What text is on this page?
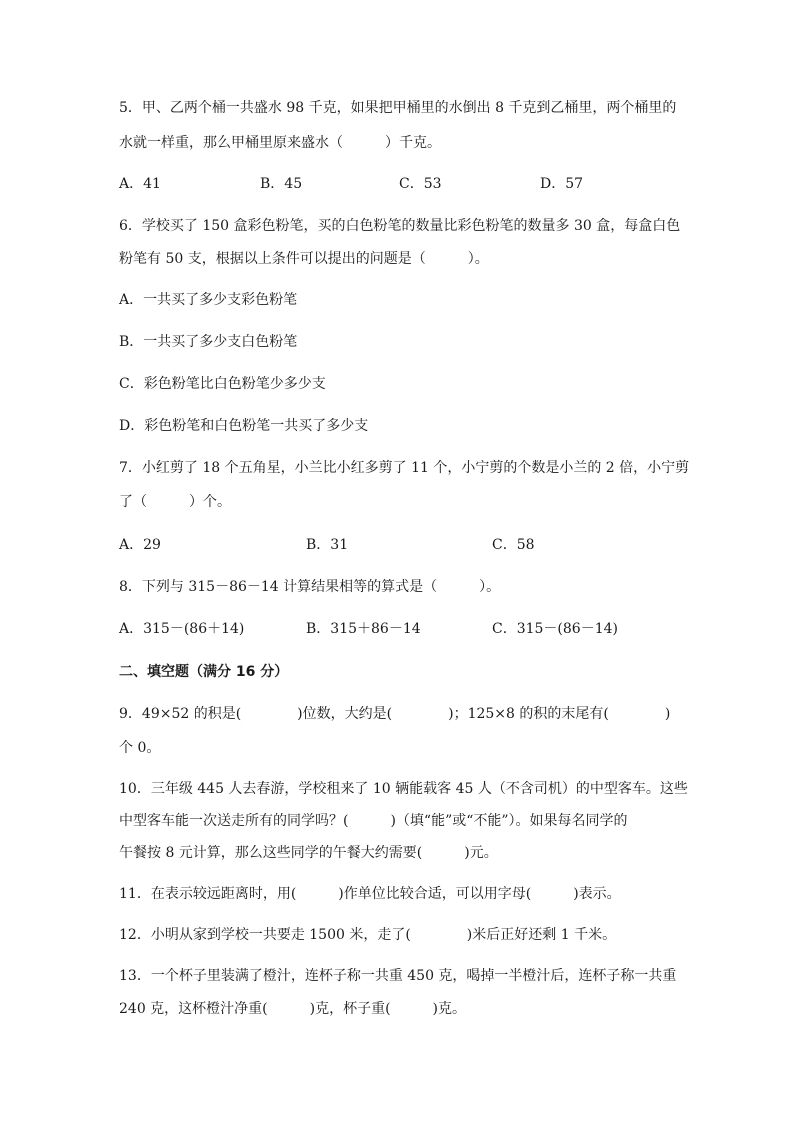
5．甲、乙两个桶一共盛水 98 千克，如果把甲桶里的水倒出 8 千克到乙桶里，两个桶里的
水就一样重，那么甲桶里原来盛水（　　　）千克。
A．41	B．45	C．53	D．57
6．学校买了 150 盒彩色粉笔，买的白色粉笔的数量比彩色粉笔的数量多 30 盒，每盒白色
粉笔有 50 支，根据以上条件可以提出的问题是（　　　）。
A．一共买了多少支彩色粉笔
B．一共买了多少支白色粉笔
C．彩色粉笔比白色粉笔少多少支
D．彩色粉笔和白色粉笔一共买了多少支
7．小红剪了 18 个五角星，小兰比小红多剪了 11 个，小宁剪的个数是小兰的 2 倍，小宁剪
了（　　　）个。
A．29	B．31	C．58
8．下列与 315－86－14 计算结果相等的算式是（　　　）。
A．315－(86＋14)	B．315＋86－14	C．315－(86－14)
二、填空题（满分 16 分）
9．49×52 的积是(　　　　)位数，大约是(　　　　)；125×8 的积的末尾有(　　　　)
个 0。
10．三年级 445 人去春游，学校租来了 10 辆能载客 45 人（不含司机）的中型客车。这些
中型客车能一次送走所有的同学吗？(　　　)（填“能”或“不能”）。如果每名同学的
午餐按 8 元计算，那么这些同学的午餐大约需要(　　　)元。
11．在表示较远距离时，用(　　　)作单位比较合适，可以用字母(　　　)表示。
12．小明从家到学校一共要走 1500 米，走了(　　　　)米后正好还剩 1 千米。
13．一个杯子里装满了橙汁，连杯子称一共重 450 克，喝掉一半橙汁后，连杯子称一共重
240 克，这杯橙汁净重(　　　)克，杯子重(　　　)克。
